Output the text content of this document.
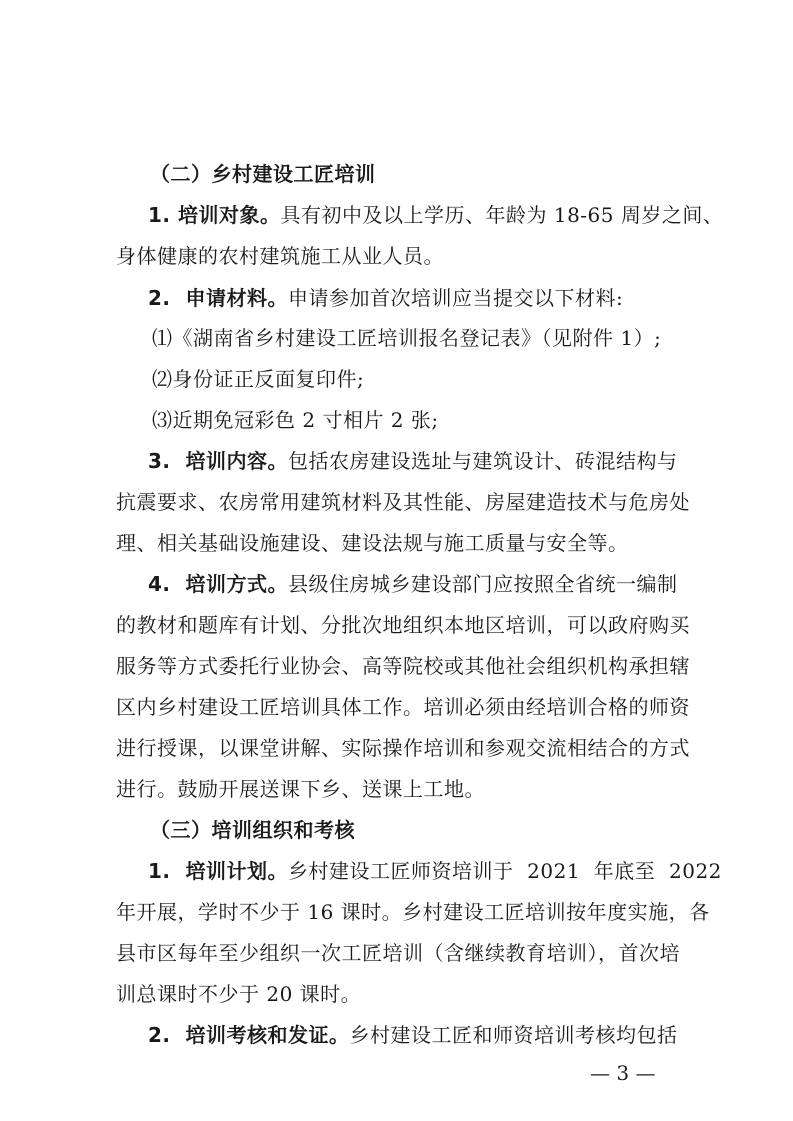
（二）乡村建设工匠培训
1. 培训对象。具有初中及以上学历、年龄为 18-65 周岁之间、
身体健康的农村建筑施工从业人员。
2.  申请材料。申请参加首次培训应当提交以下材料:
⑴《湖南省乡村建设工匠培训报名登记表》（见附件 1）;
⑵身份证正反面复印件;
⑶近期免冠彩色 2 寸相片 2 张;
3.  培训内容。包括农房建设选址与建筑设计、砖混结构与
抗震要求、农房常用建筑材料及其性能、房屋建造技术与危房处
理、相关基础设施建设、建设法规与施工质量与安全等。
4.  培训方式。县级住房城乡建设部门应按照全省统一编制
的教材和题库有计划、分批次地组织本地区培训，可以政府购买
服务等方式委托行业协会、高等院校或其他社会组织机构承担辖
区内乡村建设工匠培训具体工作。培训必须由经培训合格的师资
进行授课，以课堂讲解、实际操作培训和参观交流相结合的方式
进行。鼓励开展送课下乡、送课上工地。
（三）培训组织和考核
1.  培训计划。乡村建设工匠师资培训于  2021  年底至  2022
年开展，学时不少于 16 课时。乡村建设工匠培训按年度实施，各
县市区每年至少组织一次工匠培训（含继续教育培训），首次培
训总课时不少于 20 课时。
2.  培训考核和发证。乡村建设工匠和师资培训考核均包括
— 3 —
